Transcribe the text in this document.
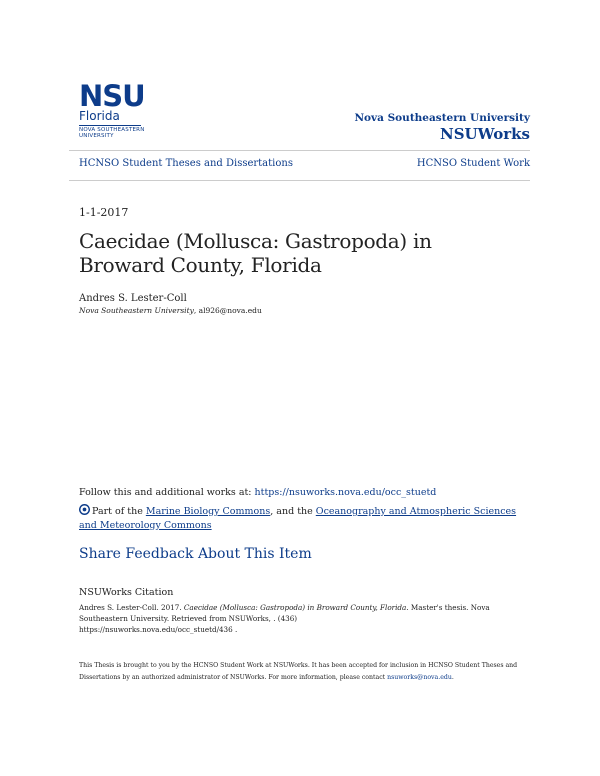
NSU
Florida
NOVA SOUTHEASTERN
UNIVERSITY
Nova Southeastern University
NSUWorks
HCNSO Student Theses and Dissertations	HCNSO Student Work
1-1-2017
Caecidae (Mollusca: Gastropoda) in Broward County, Florida
Andres S. Lester-Coll
Nova Southeastern University, al926@nova.edu
Follow this and additional works at: https://nsuworks.nova.edu/occ_stuetd
Part of the Marine Biology Commons, and the Oceanography and Atmospheric Sciences and Meteorology Commons
Share Feedback About This Item
NSUWorks Citation
Andres S. Lester-Coll. 2017. Caecidae (Mollusca: Gastropoda) in Broward County, Florida. Master's thesis. Nova Southeastern University. Retrieved from NSUWorks, . (436)
https://nsuworks.nova.edu/occ_stuetd/436 .
This Thesis is brought to you by the HCNSO Student Work at NSUWorks. It has been accepted for inclusion in HCNSO Student Theses and Dissertations by an authorized administrator of NSUWorks. For more information, please contact nsuworks@nova.edu.
